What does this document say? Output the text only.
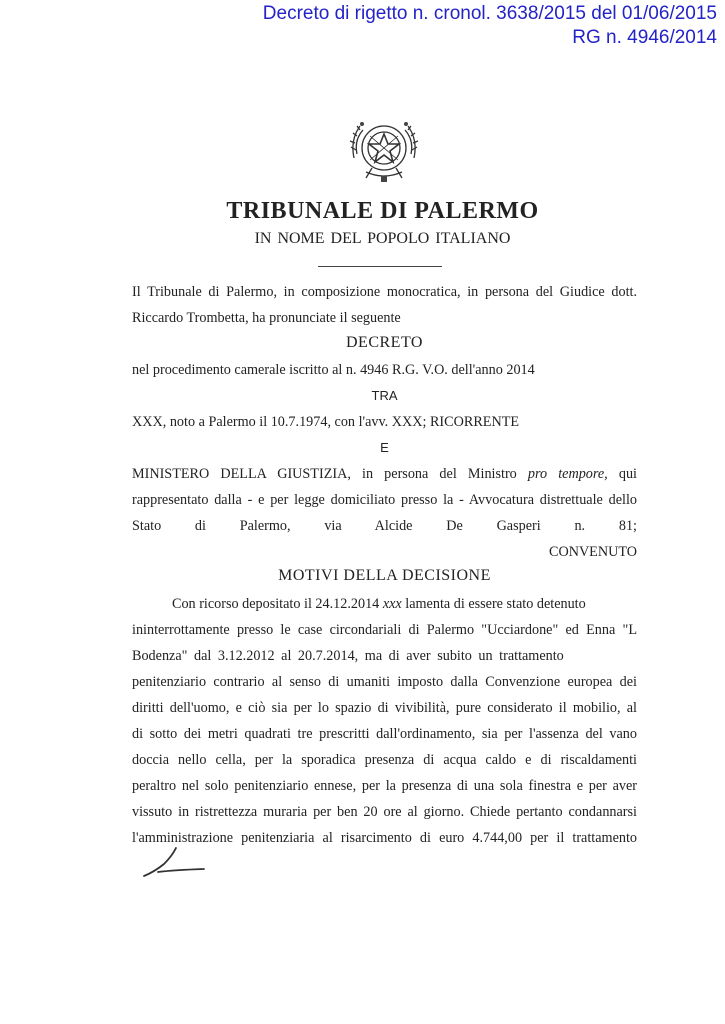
Decreto di rigetto n. cronol. 3638/2015 del 01/06/2015
RG n. 4946/2014
TRIBUNALE DI PALERMO
IN NOME DEL POPOLO ITALIANO
Il Tribunale di Palermo, in composizione monocratica, in persona del Giudice dott.
Riccardo Trombetta, ha pronunciate il seguente
DECRETO
nel procedimento camerale iscritto al n. 4946 R.G. V.O. dell'anno 2014
TRA
XXX, noto a Palermo il 10.7.1974, con l'avv. XXX; RICORRENTE
E
MINISTERO DELLA GIUSTIZIA, in persona del Ministro pro tempore, qui
rappresentato dalla - e per legge domiciliato presso la - Avvocatura distrettuale dello
Stato di Palermo, via Alcide De Gasperi n. 81;
CONVENUTO
MOTIVI DELLA DECISIONE
Con ricorso depositato il 24.12.2014 xxx lamenta di essere stato detenuto
ininterrottamente presso le case circondariali di Palermo "Ucciardone" ed Enna "L
Bodenza" dal 3.12.2012 al 20.7.2014, ma di aver subito un trattamento
penitenziario contrario al senso di umaniti imposto dalla Convenzione europea dei
diritti dell'uomo, e ciò sia per lo spazio di vivibilità, pure considerato il mobilio, al
di sotto dei metri quadrati tre prescritti dall'ordinamento, sia per l'assenza del vano
doccia nello cella, per la sporadica presenza di acqua caldo e di riscaldamenti
peraltro nel solo penitenziario ennese, per la presenza di una sola finestra e per aver
vissuto in ristrettezza muraria per ben 20 ore al giorno. Chiede pertanto condannarsi
l'amministrazione penitenziaria al risarcimento di euro 4.744,00 per il trattamento
